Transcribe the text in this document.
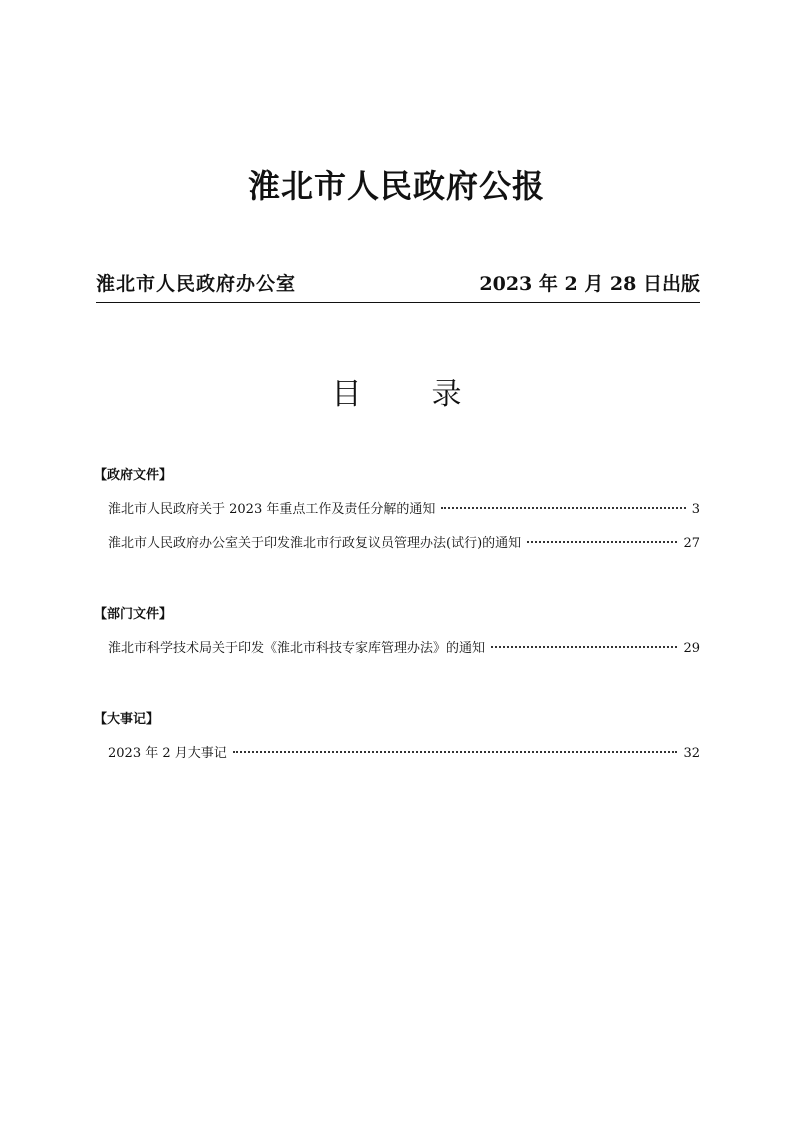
淮北市人民政府公报
淮北市人民政府办公室	2023 年 2 月 28 日出版
目 录
【政府文件】
淮北市人民政府关于 2023 年重点工作及责任分解的通知	3
淮北市人民政府办公室关于印发淮北市行政复议员管理办法(试行)的通知	27
【部门文件】
淮北市科学技术局关于印发《淮北市科技专家库管理办法》的通知	29
【大事记】
2023 年 2 月大事记	32
